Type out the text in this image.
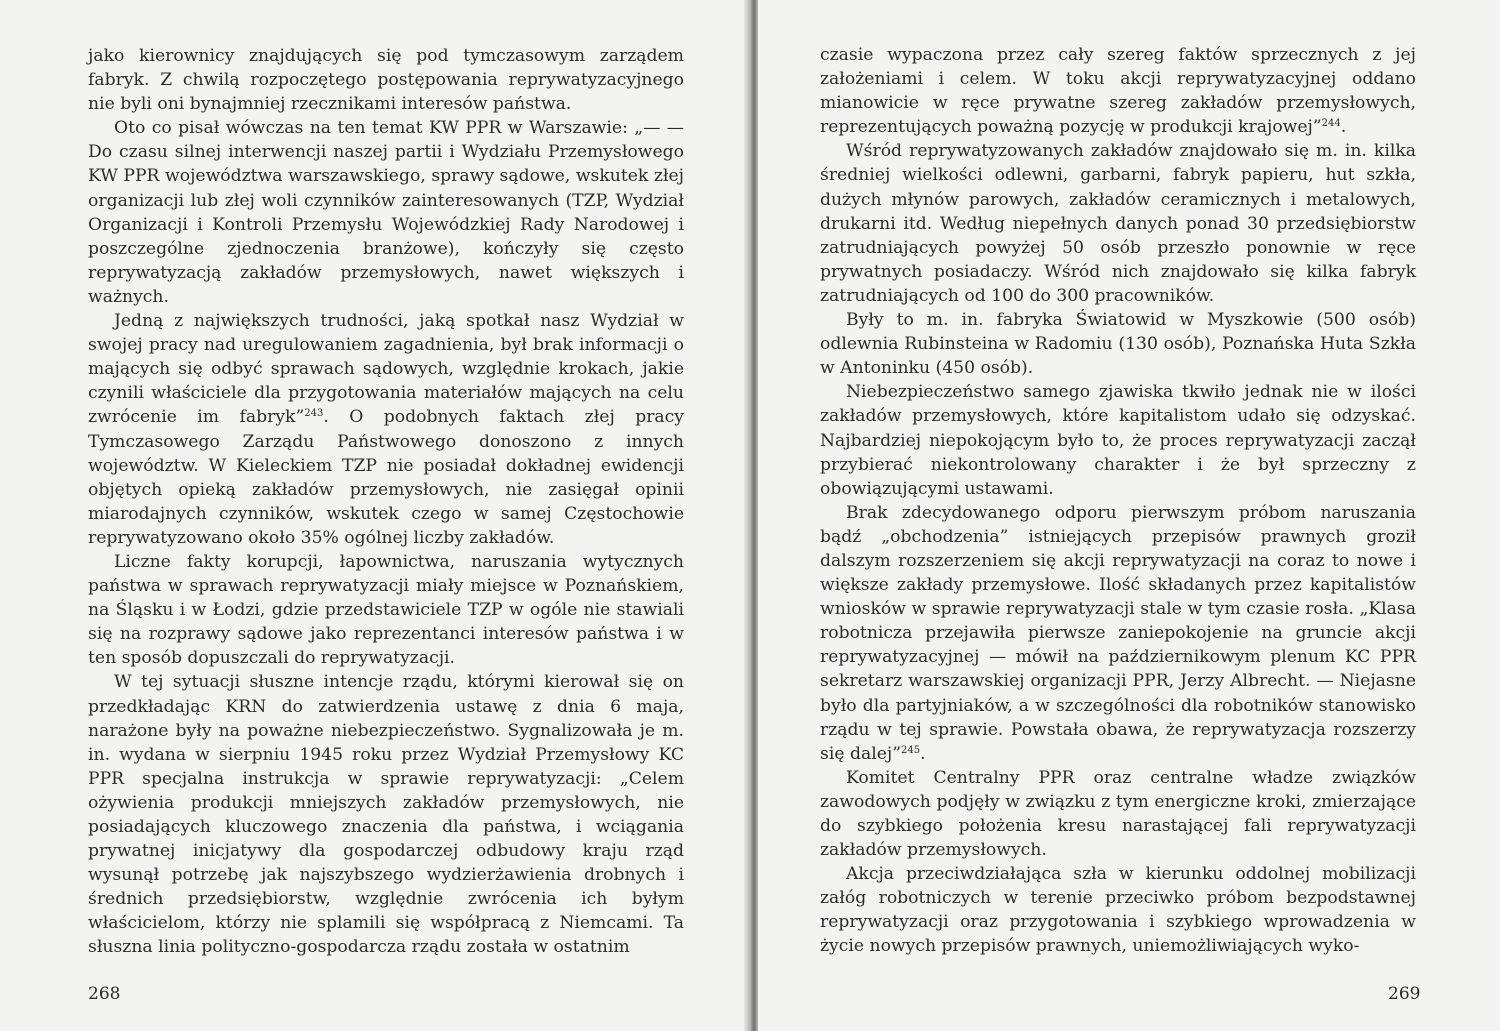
jako kierownicy znajdujących się pod tymczasowym zarządem fabryk. Z chwilą rozpoczętego postępowania reprywatyzacyjnego nie byli oni bynajmniej rzecznikami interesów państwa.

Oto co pisał wówczas na ten temat KW PPR w Warszawie: „— — Do czasu silnej interwencji naszej partii i Wydziału Przemysłowego KW PPR województwa warszawskiego, sprawy sądowe, wskutek złej organizacji lub złej woli czynników zainteresowanych (TZP, Wydział Organizacji i Kontroli Przemysłu Wojewódzkiej Rady Narodowej i poszczególne zjednoczenia branżowe), kończyły się często reprywatyzacją zakładów przemysłowych, nawet większych i ważnych.

Jedną z największych trudności, jaką spotkał nasz Wydział w swojej pracy nad uregulowaniem zagadnienia, był brak informacji o mających się odbyć sprawach sądowych, względnie krokach, jakie czynili właściciele dla przygotowania materiałów mających na celu zwrócenie im fabryk”$^{243}$. O podobnych faktach złej pracy Tymczasowego Zarządu Państwowego donoszono z innych województw. W Kieleckiem TZP nie posiadał dokładnej ewidencji objętych opieką zakładów przemysłowych, nie zasięgał opinii miarodajnych czynników, wskutek czego w samej Częstochowie reprywatyzowano około 35% ogólnej liczby zakładów.

Liczne fakty korupcji, łapownictwa, naruszania wytycznych państwa w sprawach reprywatyzacji miały miejsce w Poznańskiem, na Śląsku i w Łodzi, gdzie przedstawiciele TZP w ogóle nie stawiali się na rozprawy sądowe jako reprezentanci interesów państwa i w ten sposób dopuszczali do reprywatyzacji.

W tej sytuacji słuszne intencje rządu, którymi kierował się on przedkładając KRN do zatwierdzenia ustawę z dnia 6 maja, narażone były na poważne niebezpieczeństwo. Sygnalizowała je m. in. wydana w sierpniu 1945 roku przez Wydział Przemysłowy KC PPR specjalna instrukcja w sprawie reprywatyzacji: „Celem ożywienia produkcji mniejszych zakładów przemysłowych, nie posiadających kluczowego znaczenia dla państwa, i wciągania prywatnej inicjatywy dla gospodarczej odbudowy kraju rząd wysunął potrzebę jak najszybszego wydzierżawienia drobnych i średnich przedsiębiorstw, względnie zwrócenia ich byłym właścicielom, którzy nie splamili się współpracą z Niemcami. Ta słuszna linia polityczno-gospodarcza rządu została w ostatnim

268

czasie wypaczona przez cały szereg faktów sprzecznych z jej założeniami i celem. W toku akcji reprywatyzacyjnej oddano mianowicie w ręce prywatne szereg zakładów przemysłowych, reprezentujących poważną pozycję w produkcji krajowej”$^{244}$.

Wśród reprywatyzowanych zakładów znajdowało się m. in. kilka średniej wielkości odlewni, garbarni, fabryk papieru, hut szkła, dużych młynów parowych, zakładów ceramicznych i metalowych, drukarni itd. Według niepełnych danych ponad 30 przedsiębiorstw zatrudniających powyżej 50 osób przeszło ponownie w ręce prywatnych posiadaczy. Wśród nich znajdowało się kilka fabryk zatrudniających od 100 do 300 pracowników.

Były to m. in. fabryka Światowid w Myszkowie (500 osób) odlewnia Rubinsteina w Radomiu (130 osób), Poznańska Huta Szkła w Antoninku (450 osób).

Niebezpieczeństwo samego zjawiska tkwiło jednak nie w ilości zakładów przemysłowych, które kapitalistom udało się odzyskać. Najbardziej niepokojącym było to, że proces reprywatyzacji zaczął przybierać niekontrolowany charakter i że był sprzeczny z obowiązującymi ustawami.

Brak zdecydowanego odporu pierwszym próbom naruszania bądź „obchodzenia” istniejących przepisów prawnych groził dalszym rozszerzeniem się akcji reprywatyzacji na coraz to nowe i większe zakłady przemysłowe. Ilość składanych przez kapitalistów wniosków w sprawie reprywatyzacji stale w tym czasie rosła. „Klasa robotnicza przejawiła pierwsze zaniepokojenie na gruncie akcji reprywatyzacyjnej — mówił na październikowym plenum KC PPR sekretarz warszawskiej organizacji PPR, Jerzy Albrecht. — Niejasne było dla partyjniaków, a w szczególności dla robotników stanowisko rządu w tej sprawie. Powstała obawa, że reprywatyzacja rozszerzy się dalej”$^{245}$.

Komitet Centralny PPR oraz centralne władze związków zawodowych podjęły w związku z tym energiczne kroki, zmierzające do szybkiego położenia kresu narastającej fali reprywatyzacji zakładów przemysłowych.

Akcja przeciwdziałająca szła w kierunku oddolnej mobilizacji załóg robotniczych w terenie przeciwko próbom bezpodstawnej reprywatyzacji oraz przygotowania i szybkiego wprowadzenia w życie nowych przepisów prawnych, uniemożliwiających wyko-

269
